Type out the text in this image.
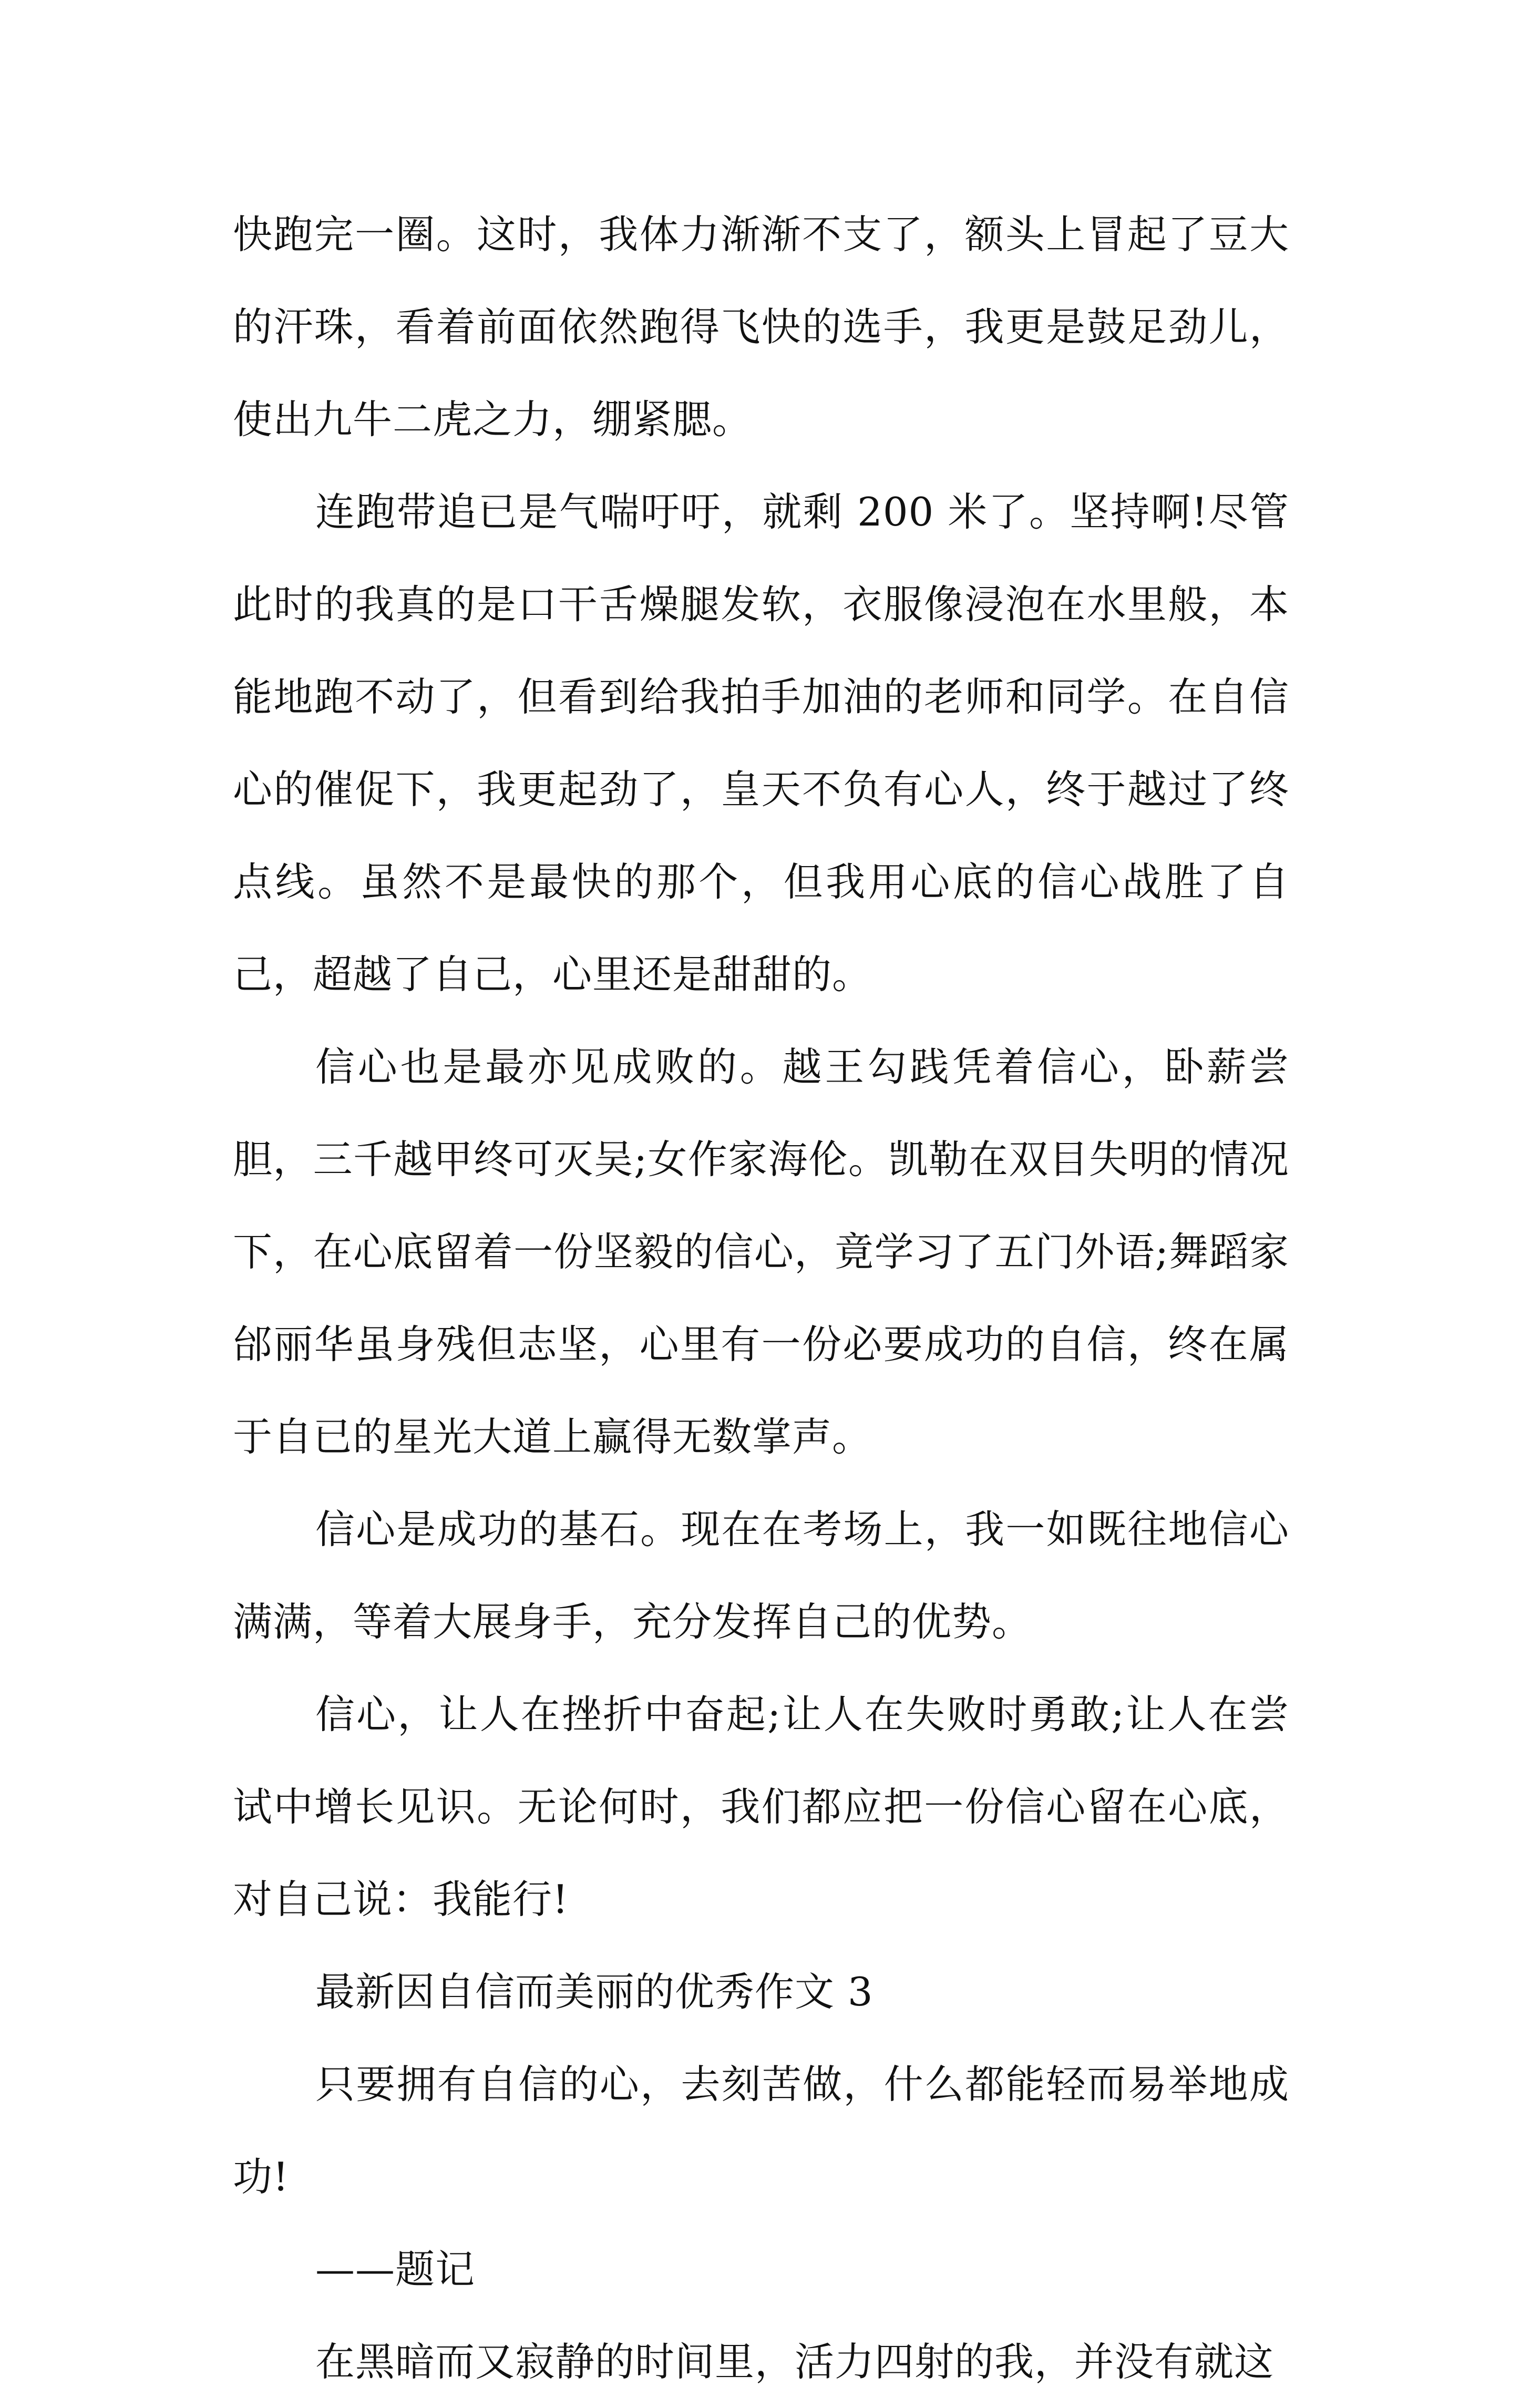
快跑完一圈。这时，我体力渐渐不支了，额头上冒起了豆大的汗珠，看着前面依然跑得飞快的选手，我更是鼓足劲儿，使出九牛二虎之力，绷紧腮。

连跑带追已是气喘吁吁，就剩 200 米了。坚持啊!尽管此时的我真的是口干舌燥腿发软，衣服像浸泡在水里般，本能地跑不动了，但看到给我拍手加油的老师和同学。在自信心的催促下，我更起劲了，皇天不负有心人，终于越过了终点线。虽然不是最快的那个，但我用心底的信心战胜了自己，超越了自己，心里还是甜甜的。

信心也是最亦见成败的。越王勾践凭着信心，卧薪尝胆，三千越甲终可灭吴;女作家海伦。凯勒在双目失明的情况下，在心底留着一份坚毅的信心，竟学习了五门外语;舞蹈家邰丽华虽身残但志坚，心里有一份必要成功的自信，终在属于自已的星光大道上赢得无数掌声。

信心是成功的基石。现在在考场上，我一如既往地信心满满，等着大展身手，充分发挥自己的优势。

信心，让人在挫折中奋起;让人在失败时勇敢;让人在尝试中增长见识。无论何时，我们都应把一份信心留在心底，对自己说：我能行!

最新因自信而美丽的优秀作文 3

只要拥有自信的心，去刻苦做，什么都能轻而易举地成功!

——题记

在黑暗而又寂静的时间里，活力四射的我，并没有就这
